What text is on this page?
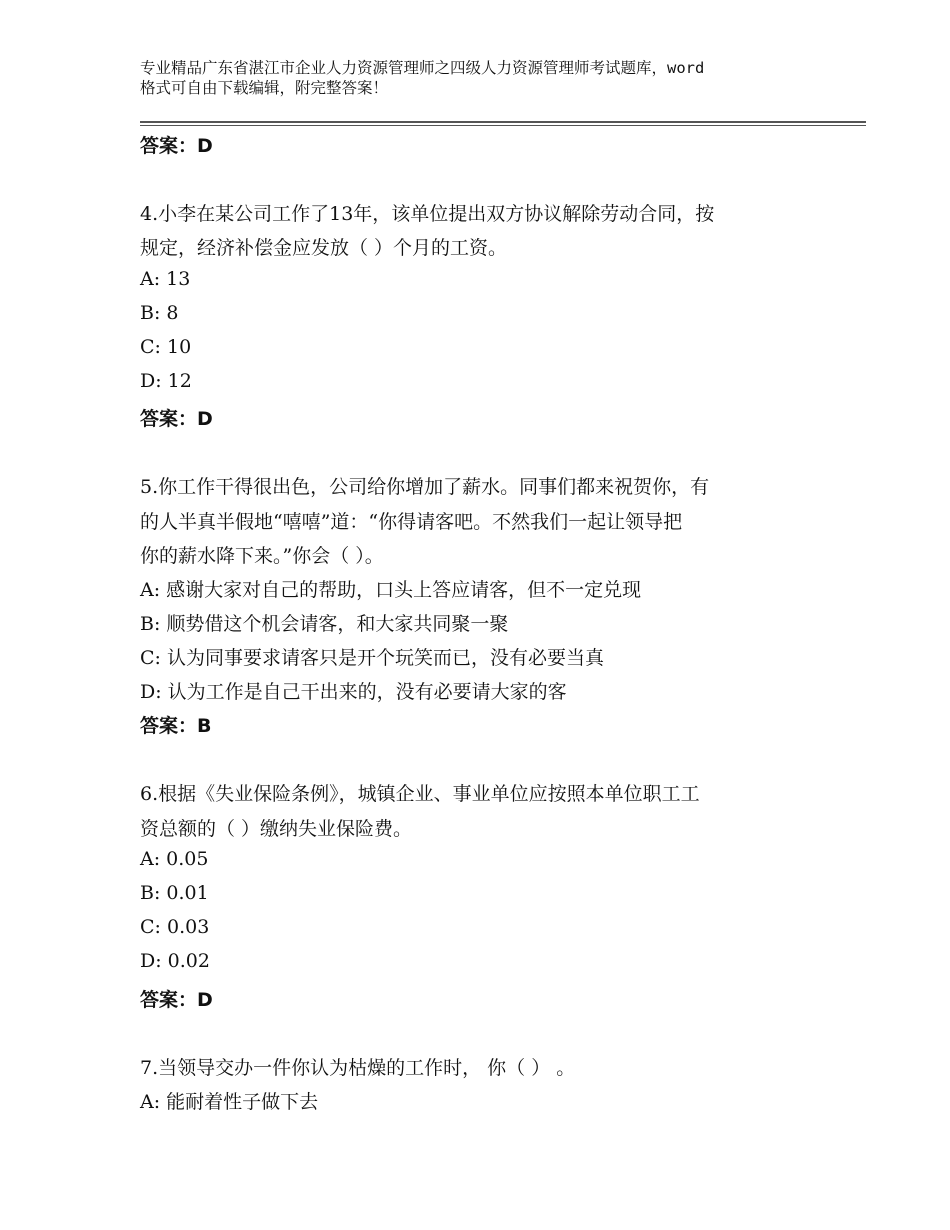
专业精品广东省湛江市企业人力资源管理师之四级人力资源管理师考试题库，word
格式可自由下载编辑，附完整答案！
答案：D
4.小李在某公司工作了13年，该单位提出双方协议解除劳动合同，按
规定，经济补偿金应发放（ ）个月的工资。
A: 13
B: 8
C: 10
D: 12
答案：D
5.你工作干得很出色，公司给你增加了薪水。同事们都来祝贺你，有
的人半真半假地“嘻嘻”道：“你得请客吧。不然我们一起让领导把
你的薪水降下来。”你会（ ）。
A: 感谢大家对自己的帮助，口头上答应请客，但不一定兑现
B: 顺势借这个机会请客，和大家共同聚一聚
C: 认为同事要求请客只是开个玩笑而已，没有必要当真
D: 认为工作是自己干出来的，没有必要请大家的客
答案：B
6.根据《失业保险条例》，城镇企业、事业单位应按照本单位职工工
资总额的（ ）缴纳失业保险费。
A: 0.05
B: 0.01
C: 0.03
D: 0.02
答案：D
7.当领导交办一件你认为枯燥的工作时， 你（ ） 。
A: 能耐着性子做下去
